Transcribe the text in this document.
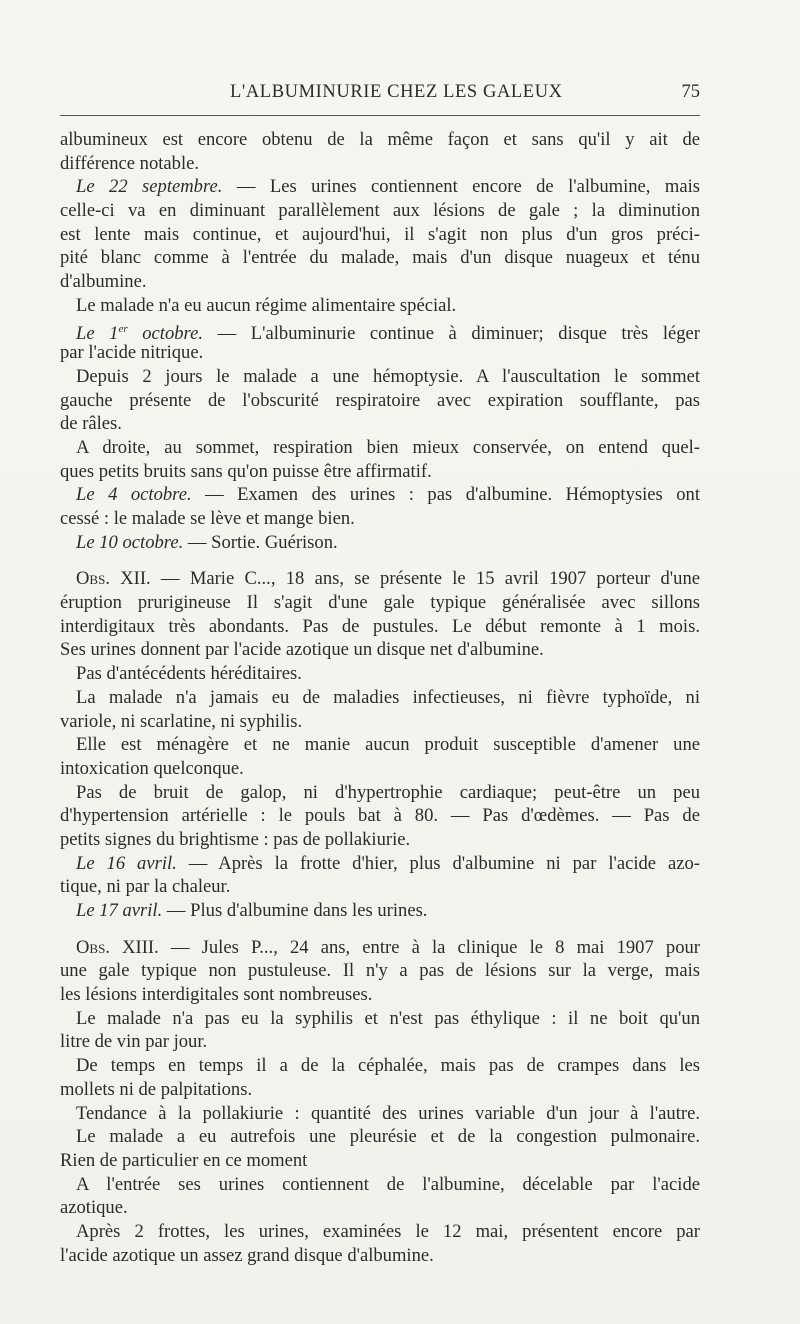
L'ALBUMINURIE CHEZ LES GALEUX	75
albumineux est encore obtenu de la même façon et sans qu'il y ait de
différence notable.
Le 22 septembre. — Les urines contiennent encore de l'albumine, mais
celle-ci va en diminuant parallèlement aux lésions de gale ; la diminution
est lente mais continue, et aujourd'hui, il s'agit non plus d'un gros préci-
pité blanc comme à l'entrée du malade, mais d'un disque nuageux et ténu
d'albumine.
Le malade n'a eu aucun régime alimentaire spécial.
Le 1er octobre. — L'albuminurie continue à diminuer; disque très léger
par l'acide nitrique.
Depuis 2 jours le malade a une hémoptysie. A l'auscultation le sommet
gauche présente de l'obscurité respiratoire avec expiration soufflante, pas
de râles.
A droite, au sommet, respiration bien mieux conservée, on entend quel-
ques petits bruits sans qu'on puisse être affirmatif.
Le 4 octobre. — Examen des urines : pas d'albumine. Hémoptysies ont
cessé : le malade se lève et mange bien.
Le 10 octobre. — Sortie. Guérison.
Obs. XII. — Marie C..., 18 ans, se présente le 15 avril 1907 porteur d'une
éruption prurigineuse Il s'agit d'une gale typique généralisée avec sillons
interdigitaux très abondants. Pas de pustules. Le début remonte à 1 mois.
Ses urines donnent par l'acide azotique un disque net d'albumine.
Pas d'antécédents héréditaires.
La malade n'a jamais eu de maladies infectieuses, ni fièvre typhoïde, ni
variole, ni scarlatine, ni syphilis.
Elle est ménagère et ne manie aucun produit susceptible d'amener une
intoxication quelconque.
Pas de bruit de galop, ni d'hypertrophie cardiaque; peut-être un peu
d'hypertension artérielle : le pouls bat à 80. — Pas d'œdèmes. — Pas de
petits signes du brightisme : pas de pollakiurie.
Le 16 avril. — Après la frotte d'hier, plus d'albumine ni par l'acide azo-
tique, ni par la chaleur.
Le 17 avril. — Plus d'albumine dans les urines.
Obs. XIII. — Jules P..., 24 ans, entre à la clinique le 8 mai 1907 pour
une gale typique non pustuleuse. Il n'y a pas de lésions sur la verge, mais
les lésions interdigitales sont nombreuses.
Le malade n'a pas eu la syphilis et n'est pas éthylique : il ne boit qu'un
litre de vin par jour.
De temps en temps il a de la céphalée, mais pas de crampes dans les
mollets ni de palpitations.
Tendance à la pollakiurie : quantité des urines variable d'un jour à l'autre.
Le malade a eu autrefois une pleurésie et de la congestion pulmonaire.
Rien de particulier en ce moment
A l'entrée ses urines contiennent de l'albumine, décelable par l'acide
azotique.
Après 2 frottes, les urines, examinées le 12 mai, présentent encore par
l'acide azotique un assez grand disque d'albumine.
